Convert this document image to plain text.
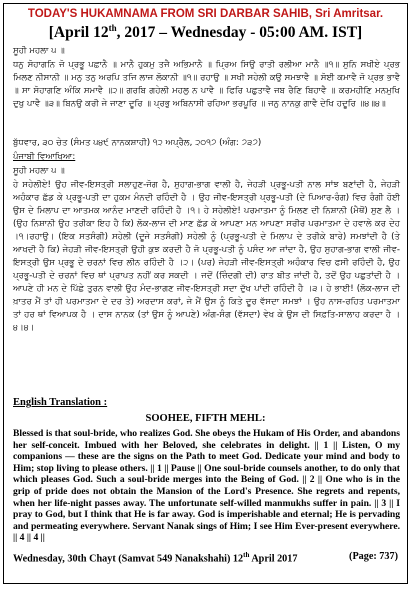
TODAY'S HUKAMNAMA FROM SRI DARBAR SAHIB, Sri Amritsar.
[April 12th, 2017 – Wednesday - 05:00 AM. IST]
ਸੂਹੀ ਮਹਲਾ ੫ ॥
ਧਨੁ ਸੋਹਾਗਨਿ ਜੋ ਪ੍ਰਭੂ ਪਛਾਨੈ ॥ ਮਾਨੈ ਹੁਕਮੁ ਤਜੈ ਅਭਿਮਾਨੈ ॥ ਪ੍ਰਿਅ ਸਿਉ ਰਾਤੀ ਰਲੀਆ ਮਾਨੈ ॥੧॥ ਸੁਨਿ ਸਖੀਏ ਪ੍ਰਭ ਮਿਲਣ ਨੀਸਾਨੀ ॥ ਮਨੁ ਤਨੁ ਅਰਪਿ ਤਜਿ ਲਾਜ ਲੋਕਾਨੀ ॥੧॥ ਰਹਾਉ ॥ ਸਖੀ ਸਹੇਲੀ ਕਉ ਸਮਝਾਵੈ ॥ ਸੋਈ ਕਮਾਵੈ ਜੋ ਪ੍ਰਭ ਭਾਵੈ ॥ ਸਾ ਸੋਹਾਗਣਿ ਅੰਕਿ ਸਮਾਵੈ ॥੨॥ ਗਰਬਿ ਗਹੇਲੀ ਮਹਲੁ ਨ ਪਾਵੈ ॥ ਫਿਰਿ ਪਛੁਤਾਵੈ ਜਬ ਰੈਣਿ ਬਿਹਾਵੈ ॥ ਕਰਮਹੀਣਿ ਮਨਮੁਖਿ ਦੁਖੁ ਪਾਵੈ ॥੩॥ ਬਿਨਉ ਕਰੀ ਜੇ ਜਾਣਾ ਦੂਰਿ ॥ ਪ੍ਰਭੁ ਅਬਿਨਾਸੀ ਰਹਿਆ ਭਰਪੂਰਿ ॥ ਜਨੁ ਨਾਨਕੁ ਗਾਵੈ ਦੇਖਿ ਹਦੂਰਿ ॥੪॥੪॥
ਬੁੱਧਵਾਰ, ੩੦ ਚੇਤ (ਸੰਮਤ ੫੪੯ ਨਾਨਕਸ਼ਾਹੀ) ੧੨ ਅਪ੍ਰੈਲ, ੨੦੧੭ (ਅੰਗ: ੭੩੭)
ਪੰਜਾਬੀ ਵਿਆਖਿਆ:
ਸੂਹੀ ਮਹਲਾ ੫ ॥
ਹੇ ਸਹੇਲੀਏ! ਉਹ ਜੀਵ-ਇਸਤ੍ਰੀ ਸਲਾਹੁਣ-ਜੋਗ ਹੈ, ਸੁਹਾਗ-ਭਾਗ ਵਾਲੀ ਹੈ, ਜੇਹੜੀ ਪ੍ਰਭੂ-ਪਤੀ ਨਾਲ ਸਾਂਝ ਬਣਾਂਦੀ ਹੈ, ਜੇਹੜੀ ਅਹੰਕਾਰ ਛੱਡ ਕੇ ਪ੍ਰਭੂ-ਪਤੀ ਦਾ ਹੁਕਮ ਮੰਨਦੀ ਰਹਿੰਦੀ ਹੈ । ਉਹ ਜੀਵ-ਇਸਤ੍ਰੀ ਪ੍ਰਭੂ-ਪਤੀ (ਦੇ ਪਿਆਰ-ਰੰਗ) ਵਿਚ ਰੰਗੀ ਹੋਈ ਉਸ ਦੇ ਮਿਲਾਪ ਦਾ ਆਤਮਕ ਆਨੰਦ ਮਾਣਦੀ ਰਹਿੰਦੀ ਹੈ ।੧। ਹੇ ਸਹੇਲੀਏ! ਪਰਮਾਤਮਾ ਨੂੰ ਮਿਲਣ ਦੀ ਨਿਸ਼ਾਨੀ (ਮੈਥੋਂ) ਸੁਣ ਲੈ । (ਉਹ ਨਿਸ਼ਾਨੀ ਉਹ ਤਰੀਕਾ ਇਹ ਹੈ ਕਿ) ਲੋਕ-ਲਾਜ ਦੀ ਮਾਣ ਛੱਡ ਕੇ ਆਪਣਾ ਮਨ ਆਪਣਾ ਸਰੀਰ ਪਰਮਾਤਮਾ ਦੇ ਹਵਾਲੇ ਕਰ ਦੇਹ ।੧।ਰਹਾਉ। (ਇਕ ਸਤਸੰਗੀ) ਸਹੇਲੀ (ਦੂਜੇ ਸਤਸੰਗੀ) ਸਹੇਲੀ ਨੂੰ (ਪ੍ਰਭੂ-ਪਤੀ ਦੇ ਮਿਲਾਪ ਦੇ ਤਰੀਕੇ ਬਾਰੇ) ਸਮਝਾਂਦੀ ਹੈ (ਤੇ ਆਖਦੀ ਹੈ ਕਿ) ਜੇਹੜੀ ਜੀਵ-ਇਸਤ੍ਰੀ ਉਹੀ ਕੁਝ ਕਰਦੀ ਹੈ ਜੋ ਪ੍ਰਭੂ-ਪਤੀ ਨੂੰ ਪਸੰਦ ਆ ਜਾਂਦਾ ਹੈ, ਉਹ ਸੁਹਾਗ-ਭਾਗ ਵਾਲੀ ਜੀਵ-ਇਸਤ੍ਰੀ ਉਸ ਪ੍ਰਭੂ ਦੇ ਚਰਨਾਂ ਵਿਚ ਲੀਨ ਰਹਿੰਦੀ ਹੈ ।੨। (ਪਰ) ਜੇਹੜੀ ਜੀਵ-ਇਸਤ੍ਰੀ ਅਹੰਕਾਰ ਵਿਚ ਫਸੀ ਰਹਿੰਦੀ ਹੈ, ਉਹ ਪ੍ਰਭੂ-ਪਤੀ ਦੇ ਚਰਨਾਂ ਵਿਚ ਥਾਂ ਪ੍ਰਾਪਤ ਨਹੀਂ ਕਰ ਸਕਦੀ । ਜਦੋਂ (ਜ਼ਿੰਦਗੀ ਦੀ) ਰਾਤ ਬੀਤ ਜਾਂਦੀ ਹੈ, ਤਦੋਂ ਉਹ ਪਛੁਤਾਂਦੀ ਹੈ । ਆਪਣੇ ਹੀ ਮਨ ਦੇ ਪਿੱਛੇ ਤੁਰਨ ਵਾਲੀ ਉਹ ਮੰਦ-ਭਾਗਣ ਜੀਵ-ਇਸਤ੍ਰੀ ਸਦਾ ਦੁੱਖ ਪਾਂਦੀ ਰਹਿੰਦੀ ਹੈ ।੩। ਹੇ ਭਾਈ! (ਲੋਕ-ਲਾਜ ਦੀ ਖ਼ਾਤਰ ਮੈਂ ਤਾਂ ਹੀ ਪਰਮਾਤਮਾ ਦੇ ਦਰ ਤੇ) ਅਰਦਾਸ ਕਰਾਂ, ਜੇ ਮੈਂ ਉਸ ਨੂੰ ਕਿਤੇ ਦੂਰ ਵੱਸਦਾ ਸਮਝਾਂ । ਉਹ ਨਾਸ-ਰਹਿਤ ਪਰਮਾਤਮਾ ਤਾਂ ਹਰ ਥਾਂ ਵਿਆਪਕ ਹੈ । ਦਾਸ ਨਾਨਕ (ਤਾਂ ਉਸ ਨੂੰ ਆਪਣੇ) ਅੰਗ-ਸੰਗ (ਵੱਸਦਾ) ਵੇਖ ਕੇ ਉਸ ਦੀ ਸਿਫ਼ਤਿ-ਸਾਲਾਹ ਕਰਦਾ ਹੈ ।੪।੪।
English Translation :
SOOHEE, FIFTH MEHL:
Blessed is that soul-bride, who realizes God. She obeys the Hukam of His Order, and abandons her self-conceit. Imbued with her Beloved, she celebrates in delight. || 1 || Listen, O my companions — these are the signs on the Path to meet God. Dedicate your mind and body to Him; stop living to please others. || 1 || Pause || One soul-bride counsels another, to do only that which pleases God. Such a soul-bride merges into the Being of God. || 2 || One who is in the grip of pride does not obtain the Mansion of the Lord's Presence. She regrets and repents, when her life-night passes away. The unfortunate self-willed manmukhs suffer in pain. || 3 || I pray to God, but I think that He is far away. God is imperishable and eternal; He is pervading and permeating everywhere. Servant Nanak sings of Him; I see Him Ever-present everywhere. || 4 || 4 ||
Wednesday, 30th Chayt (Samvat 549 Nanakshahi) 12th April 2017	(Page: 737)
